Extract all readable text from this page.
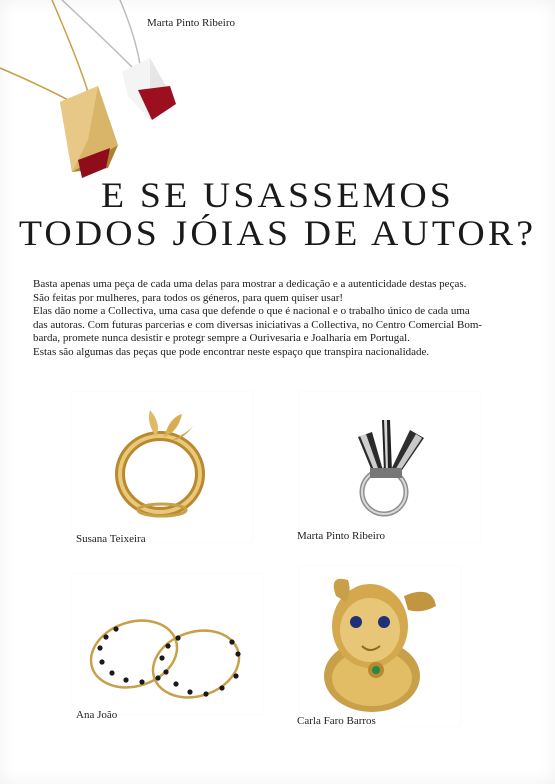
Marta Pinto Ribeiro
E SE USASSEMOS
TODOS JÓIAS DE AUTOR?
Basta apenas uma peça de cada uma delas para mostrar a dedicação e a autenticidade destas peças.
São feitas por mulheres, para todos os géneros, para quem quiser usar!
Elas dão nome a Collectiva, uma casa que defende o que é nacional e o trabalho único de cada uma
das autoras. Com futuras parcerias e com diversas iniciativas a Collectiva, no Centro Comercial Bom-
barda, promete nunca desistir e protegr sempre a Ourivesaria e Joalharia em Portugal.
Estas são algumas das peças que pode encontrar neste espaço que transpira nacionalidade.
Susana Teixeira	Marta Pinto Ribeiro
Ana João	Carla Faro Barros
